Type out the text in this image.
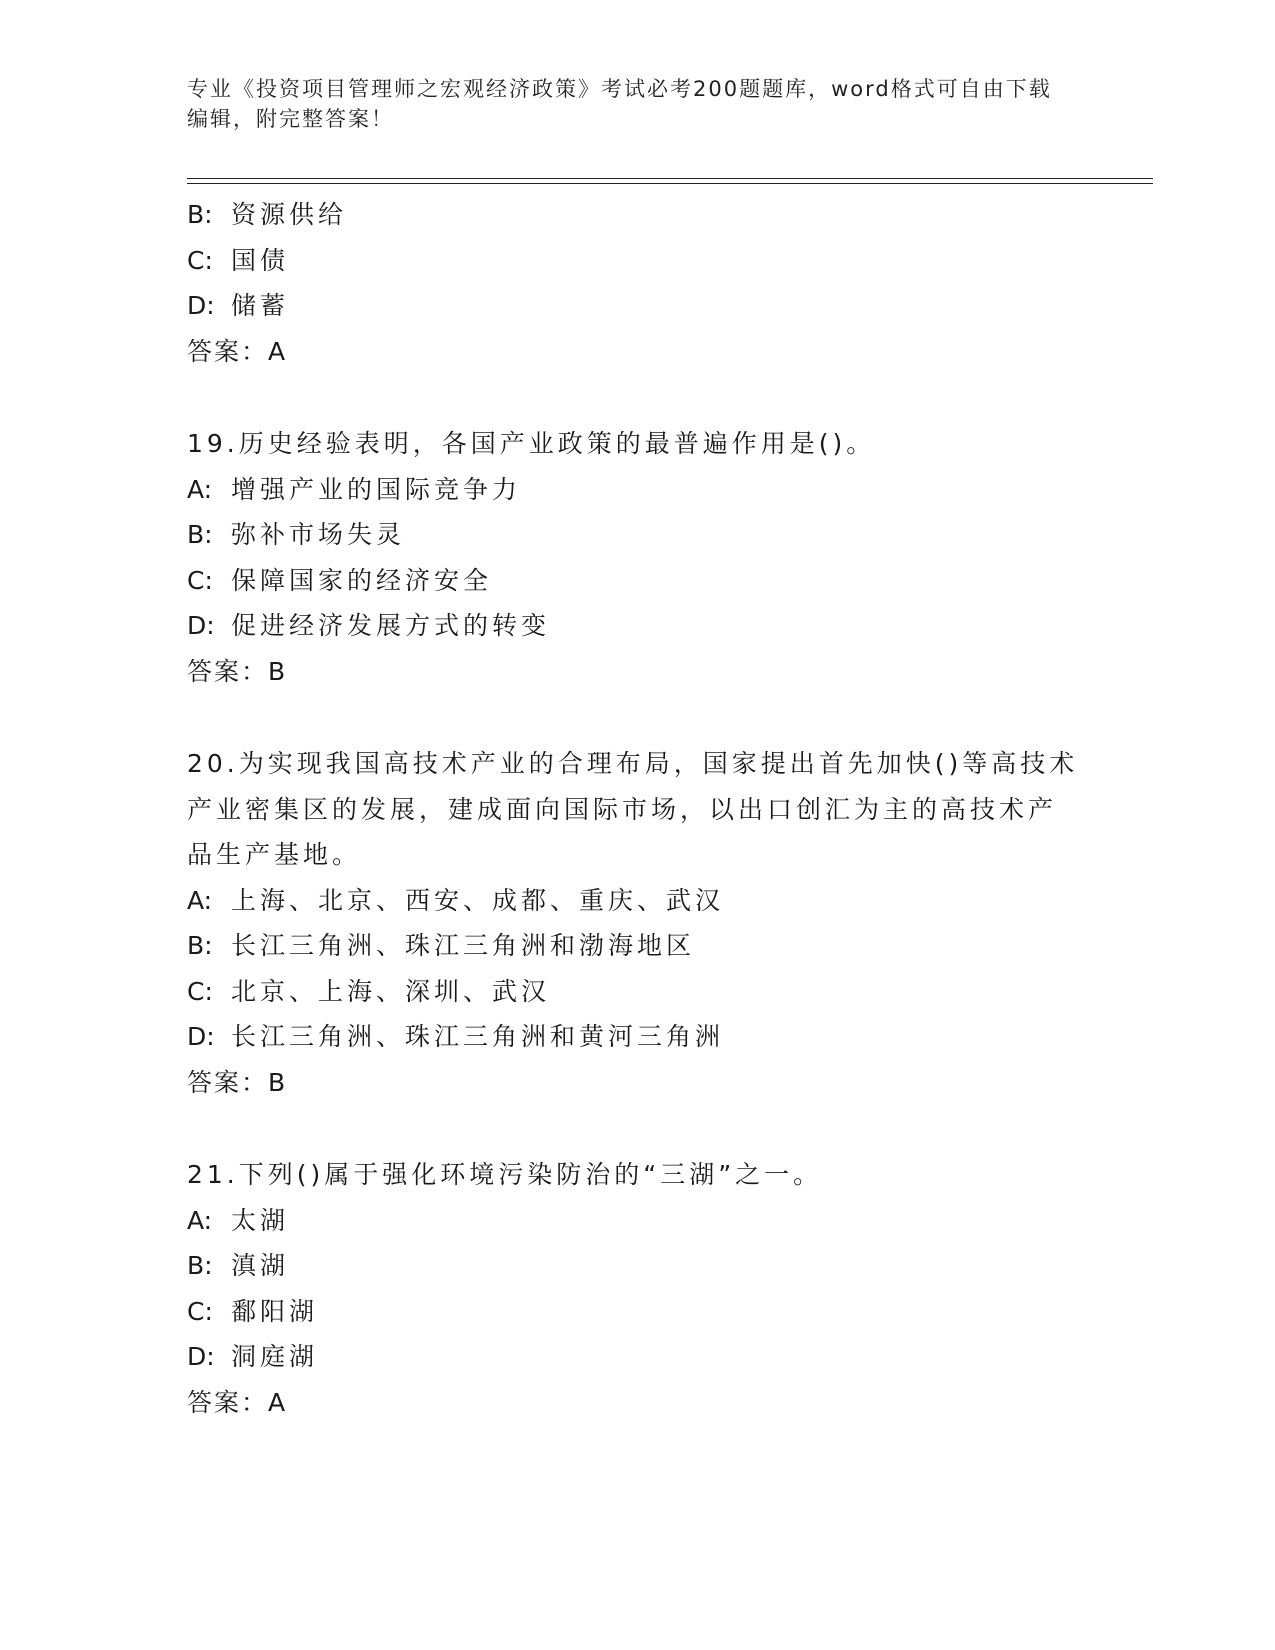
专业《投资项目管理师之宏观经济政策》考试必考200题题库，word格式可自由下载编辑，附完整答案！
B: 资源供给
C: 国债
D: 储蓄
答案：A
19.历史经验表明，各国产业政策的最普遍作用是()。
A: 增强产业的国际竞争力
B: 弥补市场失灵
C: 保障国家的经济安全
D: 促进经济发展方式的转变
答案：B
20.为实现我国高技术产业的合理布局，国家提出首先加快()等高技术
产业密集区的发展，建成面向国际市场，以出口创汇为主的高技术产
品生产基地。
A: 上海、北京、西安、成都、重庆、武汉
B: 长江三角洲、珠江三角洲和渤海地区
C: 北京、上海、深圳、武汉
D: 长江三角洲、珠江三角洲和黄河三角洲
答案：B
21.下列()属于强化环境污染防治的“三湖”之一。
A: 太湖
B: 滇湖
C: 鄱阳湖
D: 洞庭湖
答案：A
